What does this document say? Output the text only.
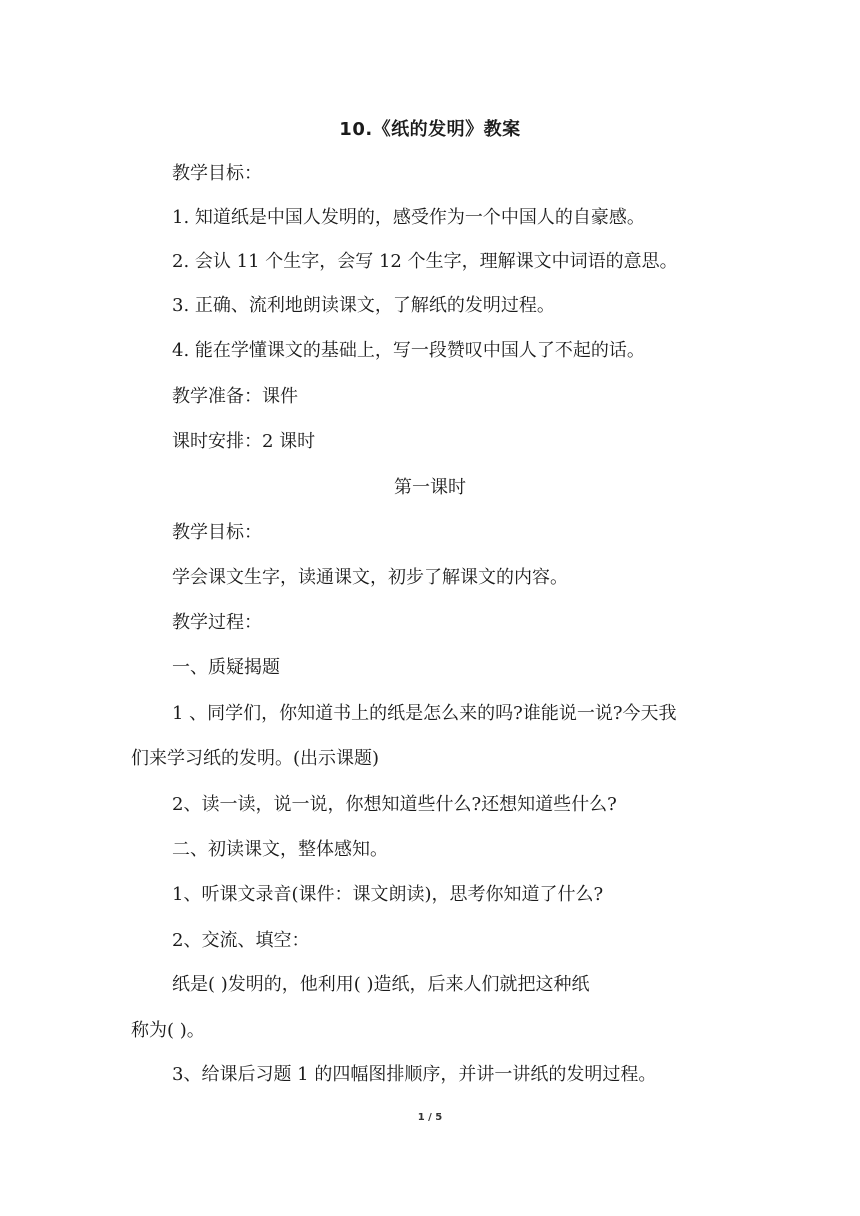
10.《纸的发明》教案
教学目标：
1. 知道纸是中国人发明的，感受作为一个中国人的自豪感。
2. 会认 11 个生字，会写 12 个生字，理解课文中词语的意思。
3. 正确、流利地朗读课文，了解纸的发明过程。
4. 能在学懂课文的基础上，写一段赞叹中国人了不起的话。
教学准备：课件
课时安排：2 课时
第一课时
教学目标：
学会课文生字，读通课文，初步了解课文的内容。
教学过程：
一、质疑揭题
1 、同学们，你知道书上的纸是怎么来的吗?谁能说一说?今天我
们来学习纸的发明。(出示课题)
2、读一读，说一说，你想知道些什么?还想知道些什么?
二、初读课文，整体感知。
1、听课文录音(课件：课文朗读)，思考你知道了什么?
2、交流、填空：
纸是( )发明的，他利用( )造纸，后来人们就把这种纸
称为( )。
3、给课后习题 1 的四幅图排顺序，并讲一讲纸的发明过程。
1 / 5
